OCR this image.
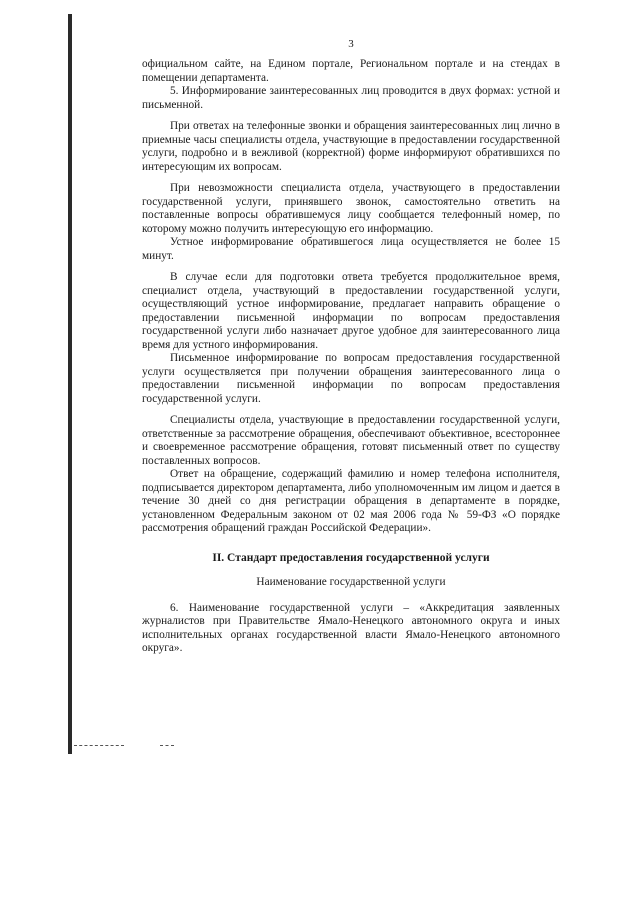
3

официальном сайте, на Едином портале, Региональном портале и на стендах в помещении департамента.

5. Информирование заинтересованных лиц проводится в двух формах: устной и письменной.

При ответах на телефонные звонки и обращения заинтересованных лиц лично в приемные часы специалисты отдела, участвующие в предоставлении государственной услуги, подробно и в вежливой (корректной) форме информируют обратившихся по интересующим их вопросам.

При невозможности специалиста отдела, участвующего в предоставлении государственной услуги, принявшего звонок, самостоятельно ответить на поставленные вопросы обратившемуся лицу сообщается телефонный номер, по которому можно получить интересующую его информацию.

Устное информирование обратившегося лица осуществляется не более 15 минут.

В случае если для подготовки ответа требуется продолжительное время, специалист отдела, участвующий в предоставлении государственной услуги, осуществляющий устное информирование, предлагает направить обращение о предоставлении письменной информации по вопросам предоставления государственной услуги либо назначает другое удобное для заинтересованного лица время для устного информирования.

Письменное информирование по вопросам предоставления государственной услуги осуществляется при получении обращения заинтересованного лица о предоставлении письменной информации по вопросам предоставления государственной услуги.

Специалисты отдела, участвующие в предоставлении государственной услуги, ответственные за рассмотрение обращения, обеспечивают объективное, всестороннее и своевременное рассмотрение обращения, готовят письменный ответ по существу поставленных вопросов.

Ответ на обращение, содержащий фамилию и номер телефона исполнителя, подписывается директором департамента, либо уполномоченным им лицом и дается в течение 30 дней со дня регистрации обращения в департаменте в порядке, установленном Федеральным законом от 02 мая 2006 года № 59-ФЗ «О порядке рассмотрения обращений граждан Российской Федерации».

II. Стандарт предоставления государственной услуги
Наименование государственной услуги

6. Наименование государственной услуги – «Аккредитация заявленных журналистов при Правительстве Ямало-Ненецкого автономного округа и иных исполнительных органах государственной власти Ямало-Ненецкого автономного округа».
